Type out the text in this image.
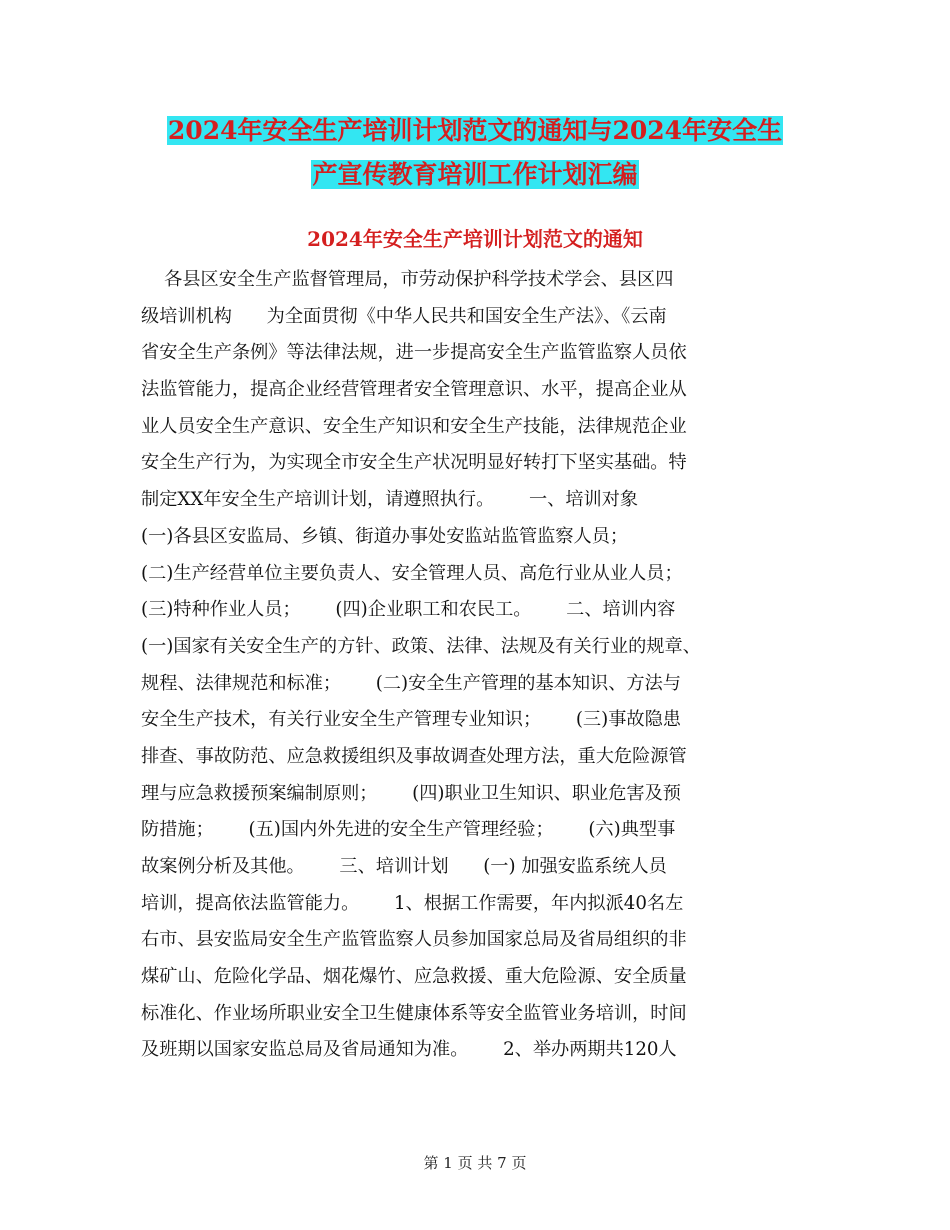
2024年安全生产培训计划范文的通知与2024年安全生
产宣传教育培训工作计划汇编
2024年安全生产培训计划范文的通知
各县区安全生产监督管理局，市劳动保护科学技术学会、县区四
级培训机构      为全面贯彻《中华人民共和国安全生产法》、《云南
省安全生产条例》等法律法规，进一步提高安全生产监管监察人员依
法监管能力，提高企业经营管理者安全管理意识、水平，提高企业从
业人员安全生产意识、安全生产知识和安全生产技能，法律规范企业
安全生产行为，为实现全市安全生产状况明显好转打下坚实基础。特
制定XX年安全生产培训计划，请遵照执行。      一、培训对象
(一)各县区安监局、乡镇、街道办事处安监站监管监察人员；
(二)生产经营单位主要负责人、安全管理人员、高危行业从业人员；
(三)特种作业人员；      (四)企业职工和农民工。      二、培训内容
(一)国家有关安全生产的方针、政策、法律、法规及有关行业的规章、
规程、法律规范和标准；      (二)安全生产管理的基本知识、方法与
安全生产技术，有关行业安全生产管理专业知识；      (三)事故隐患
排查、事故防范、应急救援组织及事故调查处理方法，重大危险源管
理与应急救援预案编制原则；      (四)职业卫生知识、职业危害及预
防措施；      (五)国内外先进的安全生产管理经验；      (六)典型事
故案例分析及其他。      三、培训计划      (一) 加强安监系统人员
培训，提高依法监管能力。      1、根据工作需要，年内拟派40名左
右市、县安监局安全生产监管监察人员参加国家总局及省局组织的非
煤矿山、危险化学品、烟花爆竹、应急救援、重大危险源、安全质量
标准化、作业场所职业安全卫生健康体系等安全监管业务培训，时间
及班期以国家安监总局及省局通知为准。      2、举办两期共120人
第 1 页 共 7 页
